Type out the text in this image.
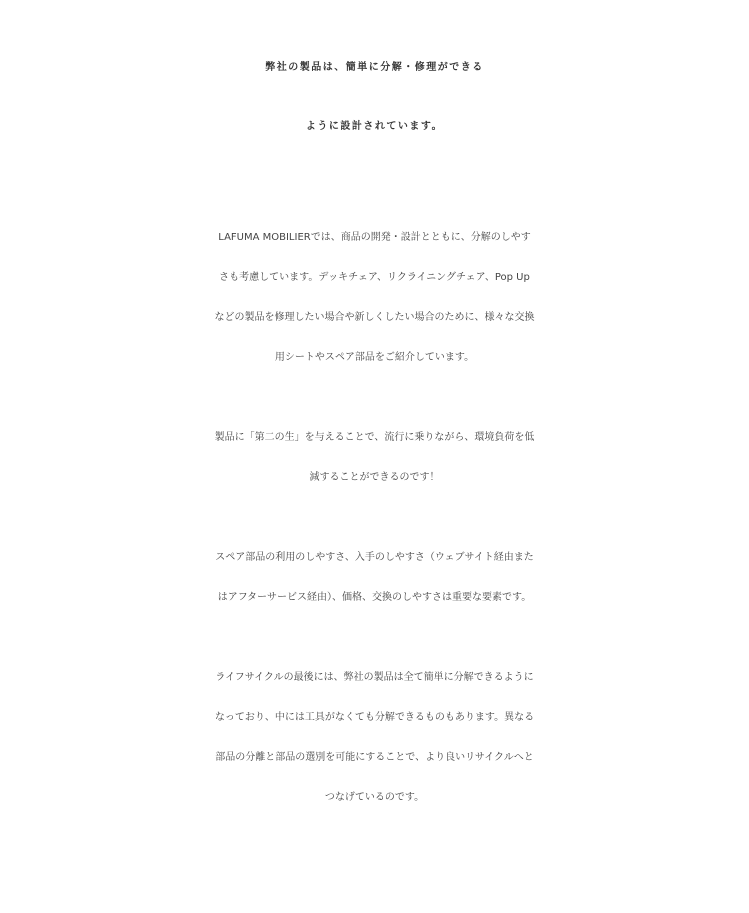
弊社の製品は、簡単に分解・修理ができる
ように設計されています。
LAFUMA MOBILIERでは、商品の開発・設計とともに、分解のしやす
さも考慮しています。デッキチェア、リクライニングチェア、Pop Up
などの製品を修理したい場合や新しくしたい場合のために、様々な交換
用シートやスペア部品をご紹介しています。
製品に「第二の生」を与えることで、流行に乗りながら、環境負荷を低
減することができるのです！
スペア部品の利用のしやすさ、入手のしやすさ（ウェブサイト経由また
はアフターサービス経由）、価格、交換のしやすさは重要な要素です。
ライフサイクルの最後には、弊社の製品は全て簡単に分解できるように
なっており、中には工具がなくても分解できるものもあります。異なる
部品の分離と部品の選別を可能にすることで、より良いリサイクルへと
つなげているのです。
